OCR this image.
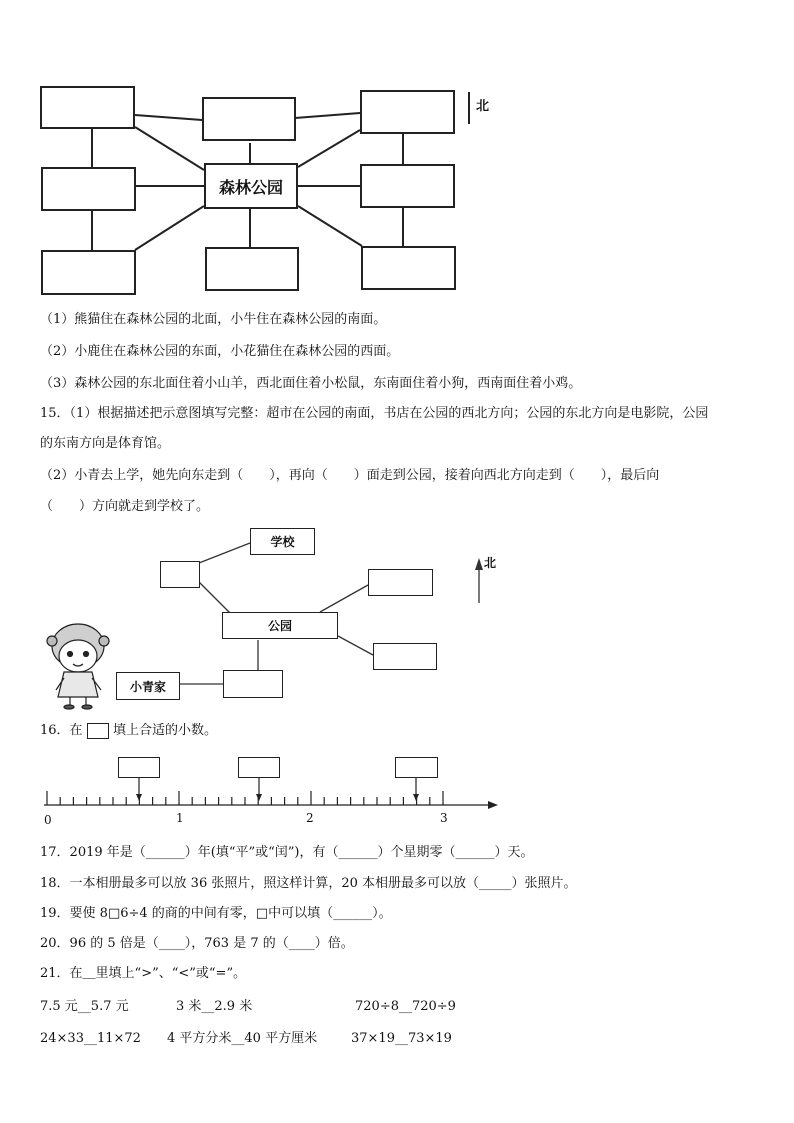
森林公园
北
（1）熊猫住在森林公园的北面，小牛住在森林公园的南面。
（2）小鹿住在森林公园的东面，小花猫住在森林公园的西面。
（3）森林公园的东北面住着小山羊，西北面住着小松鼠，东南面住着小狗，西南面住着小鸡。
15．（1）根据描述把示意图填写完整：超市在公园的南面，书店在公园的西北方向；公园的东北方向是电影院，公园
的东南方向是体育馆。
（2）小青去上学，她先向东走到（　　），再向（　　）面走到公园，接着向西北方向走到（　　），最后向
（　　）方向就走到学校了。
学校
公园
小青家
北
16．在 填上合适的小数。
0	1	2	3
17．2019 年是（______）年(填“平”或“闰”)，有（______）个星期零（______）天。
18．一本相册最多可以放 36 张照片，照这样计算，20 本相册最多可以放（_____）张照片。
19．要使 8□6÷4 的商的中间有零，□中可以填（______）。
20．96 的 5 倍是（____），763 是 7 的（____）倍。
21．在＿里填上“>”、“<”或“=”。
7.5 元__5.7 元	3 米__2.9 米	720÷8__720÷9
24×33__11×72 4 平方分米__40 平方厘米	37×19__73×19
